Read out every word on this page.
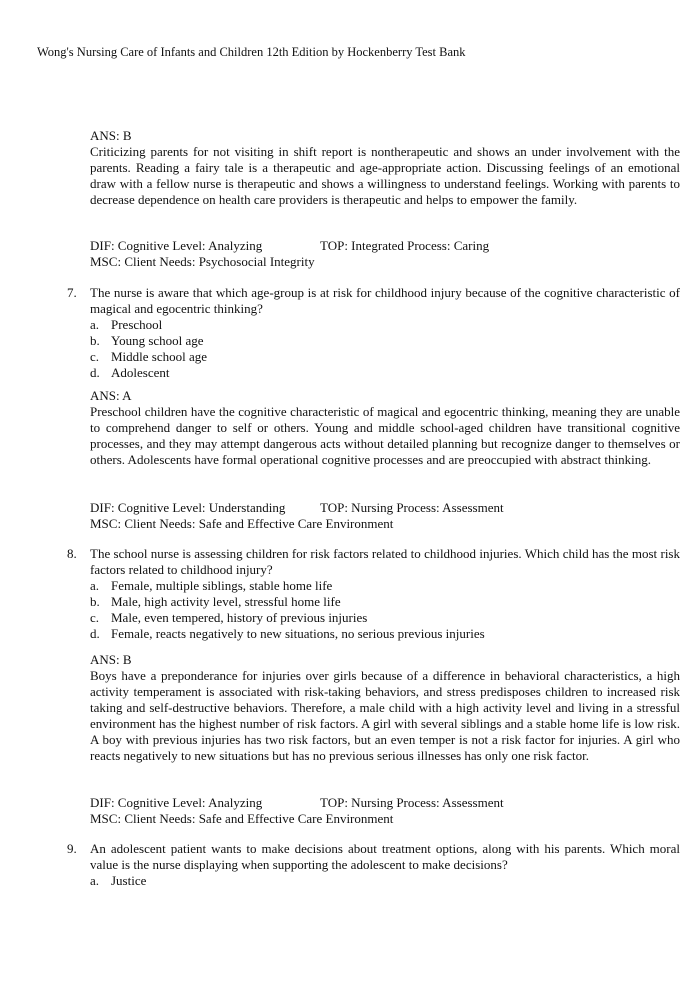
Wong's Nursing Care of Infants and Children 12th Edition by Hockenberry Test Bank
ANS: B

Criticizing parents for not visiting in shift report is nontherapeutic and shows an under involvement with the parents. Reading a fairy tale is a therapeutic and age-appropriate action. Discussing feelings of an emotional draw with a fellow nurse is therapeutic and shows a willingness to understand feelings. Working with parents to decrease dependence on health care providers is therapeutic and helps to empower the family.

DIF: Cognitive Level: Analyzing	TOP: Integrated Process: Caring
MSC: Client Needs: Psychosocial Integrity
7. The nurse is aware that which age-group is at risk for childhood injury because of the cognitive characteristic of magical and egocentric thinking?
a. Preschool
b. Young school age
c. Middle school age
d. Adolescent
ANS: A

Preschool children have the cognitive characteristic of magical and egocentric thinking, meaning they are unable to comprehend danger to self or others. Young and middle school-aged children have transitional cognitive processes, and they may attempt dangerous acts without detailed planning but recognize danger to themselves or others. Adolescents have formal operational cognitive processes and are preoccupied with abstract thinking.

DIF: Cognitive Level: Understanding	TOP: Nursing Process: Assessment
MSC: Client Needs: Safe and Effective Care Environment
8. The school nurse is assessing children for risk factors related to childhood injuries. Which child has the most risk factors related to childhood injury?
a. Female, multiple siblings, stable home life
b. Male, high activity level, stressful home life
c. Male, even tempered, history of previous injuries
d. Female, reacts negatively to new situations, no serious previous injuries
ANS: B

Boys have a preponderance for injuries over girls because of a difference in behavioral characteristics, a high activity temperament is associated with risk-taking behaviors, and stress predisposes children to increased risk taking and self-destructive behaviors. Therefore, a male child with a high activity level and living in a stressful environment has the highest number of risk factors. A girl with several siblings and a stable home life is low risk. A boy with previous injuries has two risk factors, but an even temper is not a risk factor for injuries. A girl who reacts negatively to new situations but has no previous serious illnesses has only one risk factor.

DIF: Cognitive Level: Analyzing	TOP: Nursing Process: Assessment
MSC: Client Needs: Safe and Effective Care Environment
9. An adolescent patient wants to make decisions about treatment options, along with his parents. Which moral value is the nurse displaying when supporting the adolescent to make decisions?
a. Justice
